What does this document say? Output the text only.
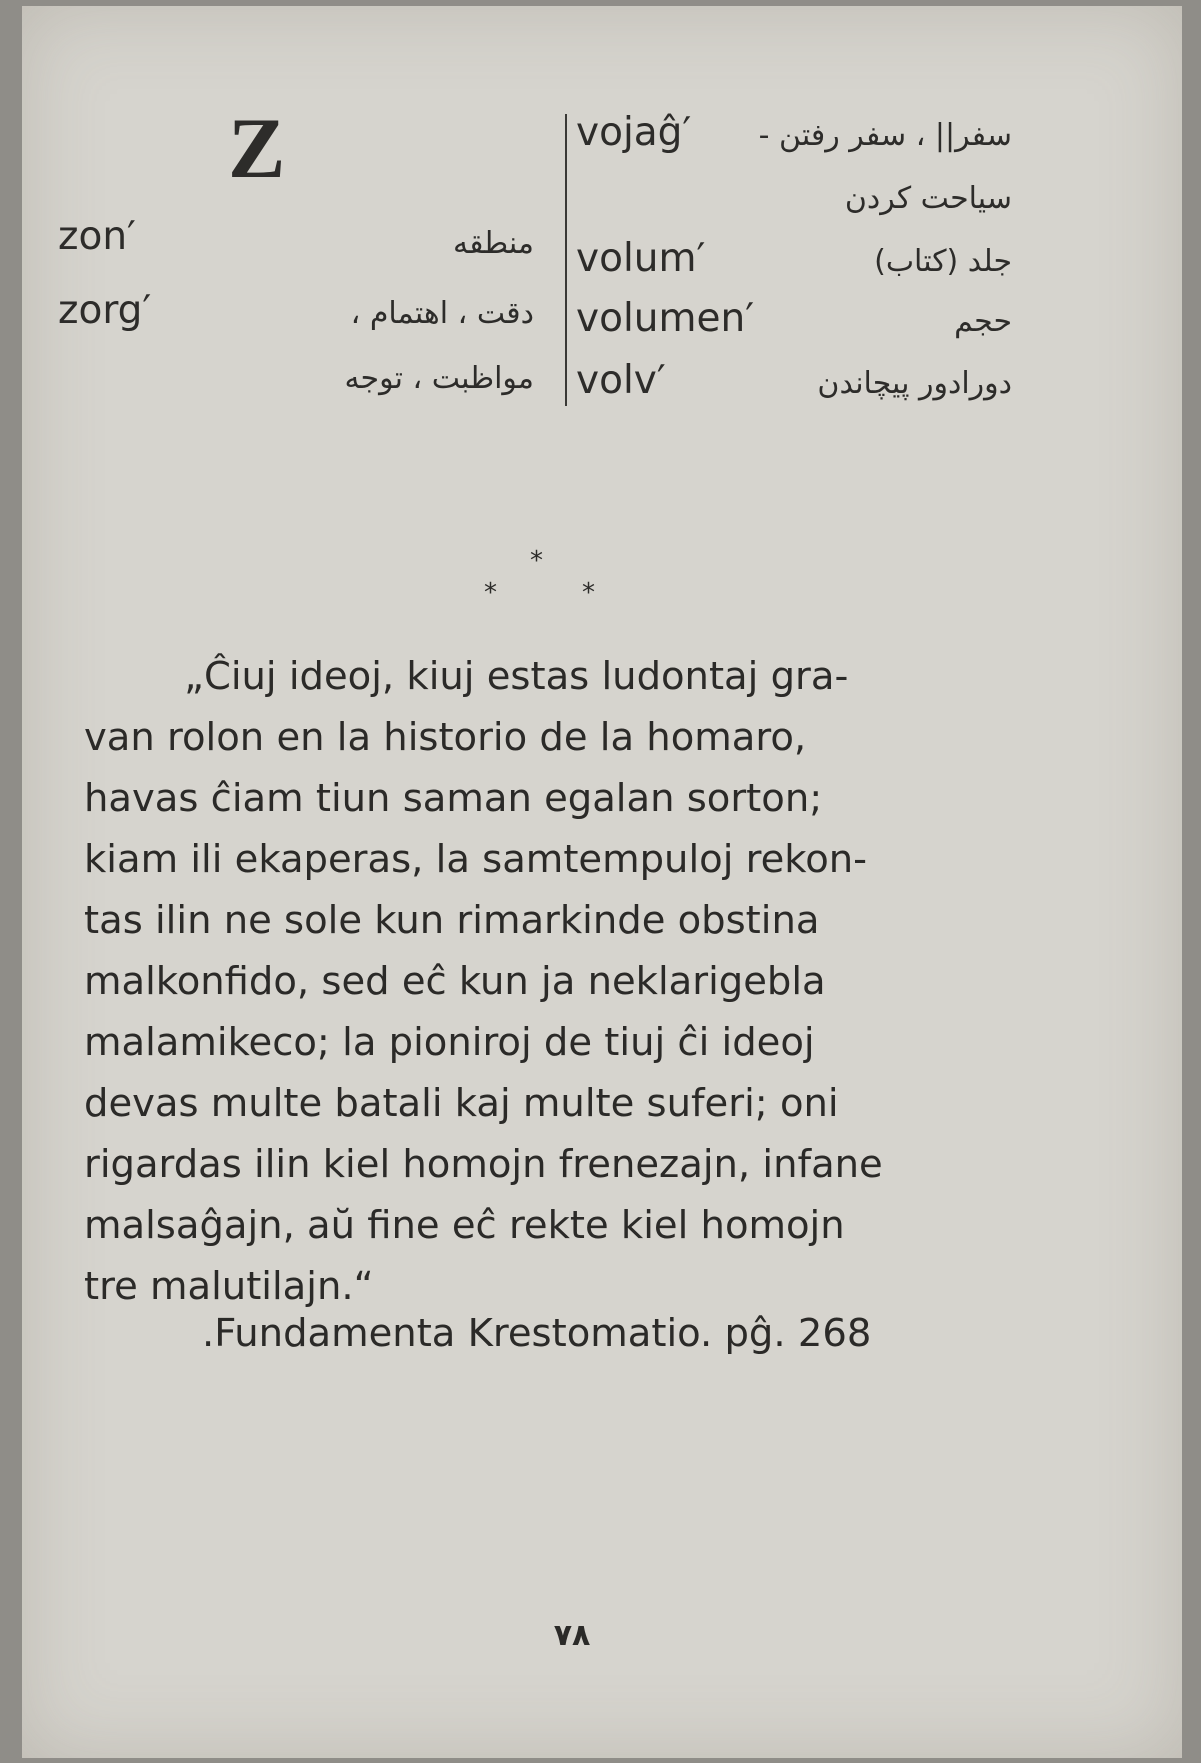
Z
zon′	منطقه
zorg′	دقت ، اهتمام ،
مواظبت ، توجه
vojaĝ′ سفر|| ، سفر رفتن -
سیاحت کردن
volum′	جلد (کتاب)
volumen′	حجم
volv′	دورادور پیچاندن
*
*	*
„Ĉiuj ideoj, kiuj estas ludontaj gra-
van rolon en la historio de la homaro,
havas ĉiam tiun saman egalan sorton;
kiam ili ekaperas, la samtempuloj rekon-
tas ilin ne sole kun rimarkinde obstina
malkonfido, sed eĉ kun ja neklarigebla
malamikeco; la pioniroj de tiuj ĉi ideoj
devas multe batali kaj multe suferi; oni
rigardas ilin kiel homojn frenezajn, infane
malsaĝajn, aŭ fine eĉ rekte kiel homojn
tre malutilajn.“
.Fundamenta Krestomatio. pĝ. 268
۷۸
